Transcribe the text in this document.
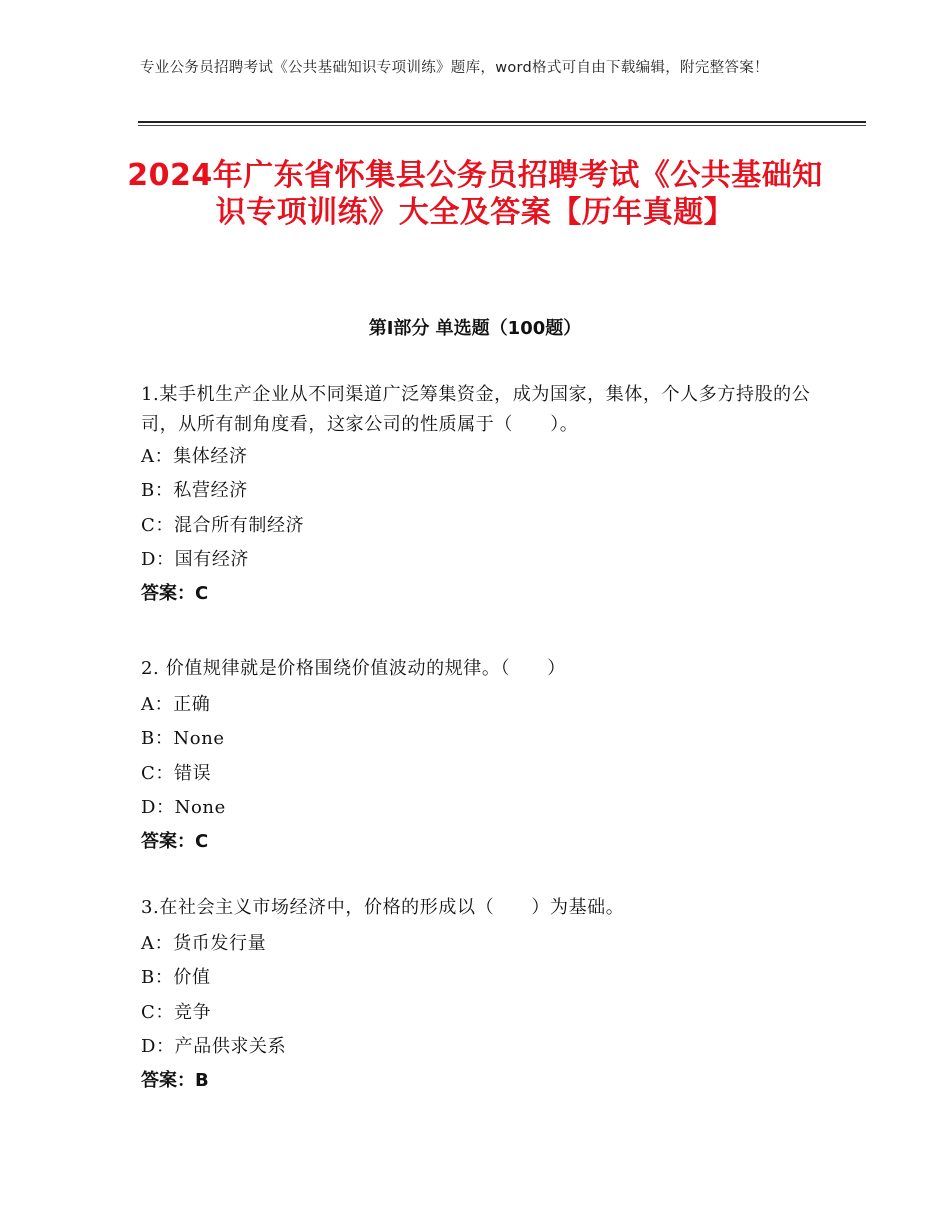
专业公务员招聘考试《公共基础知识专项训练》题库，word格式可自由下载编辑，附完整答案！
2024年广东省怀集县公务员招聘考试《公共基础知识专项训练》大全及答案【历年真题】
第Ⅰ部分 单选题（100题）
1.某手机生产企业从不同渠道广泛筹集资金，成为国家，集体，个人多方持股的公司，从所有制角度看，这家公司的性质属于（　　）。
A：集体经济
B：私营经济
C：混合所有制经济
D：国有经济
答案：C
2. 价值规律就是价格围绕价值波动的规律。（　　）
A：正确
B：None
C：错误
D：None
答案：C
3.在社会主义市场经济中，价格的形成以（　　）为基础。
A：货币发行量
B：价值
C：竞争
D：产品供求关系
答案：B
